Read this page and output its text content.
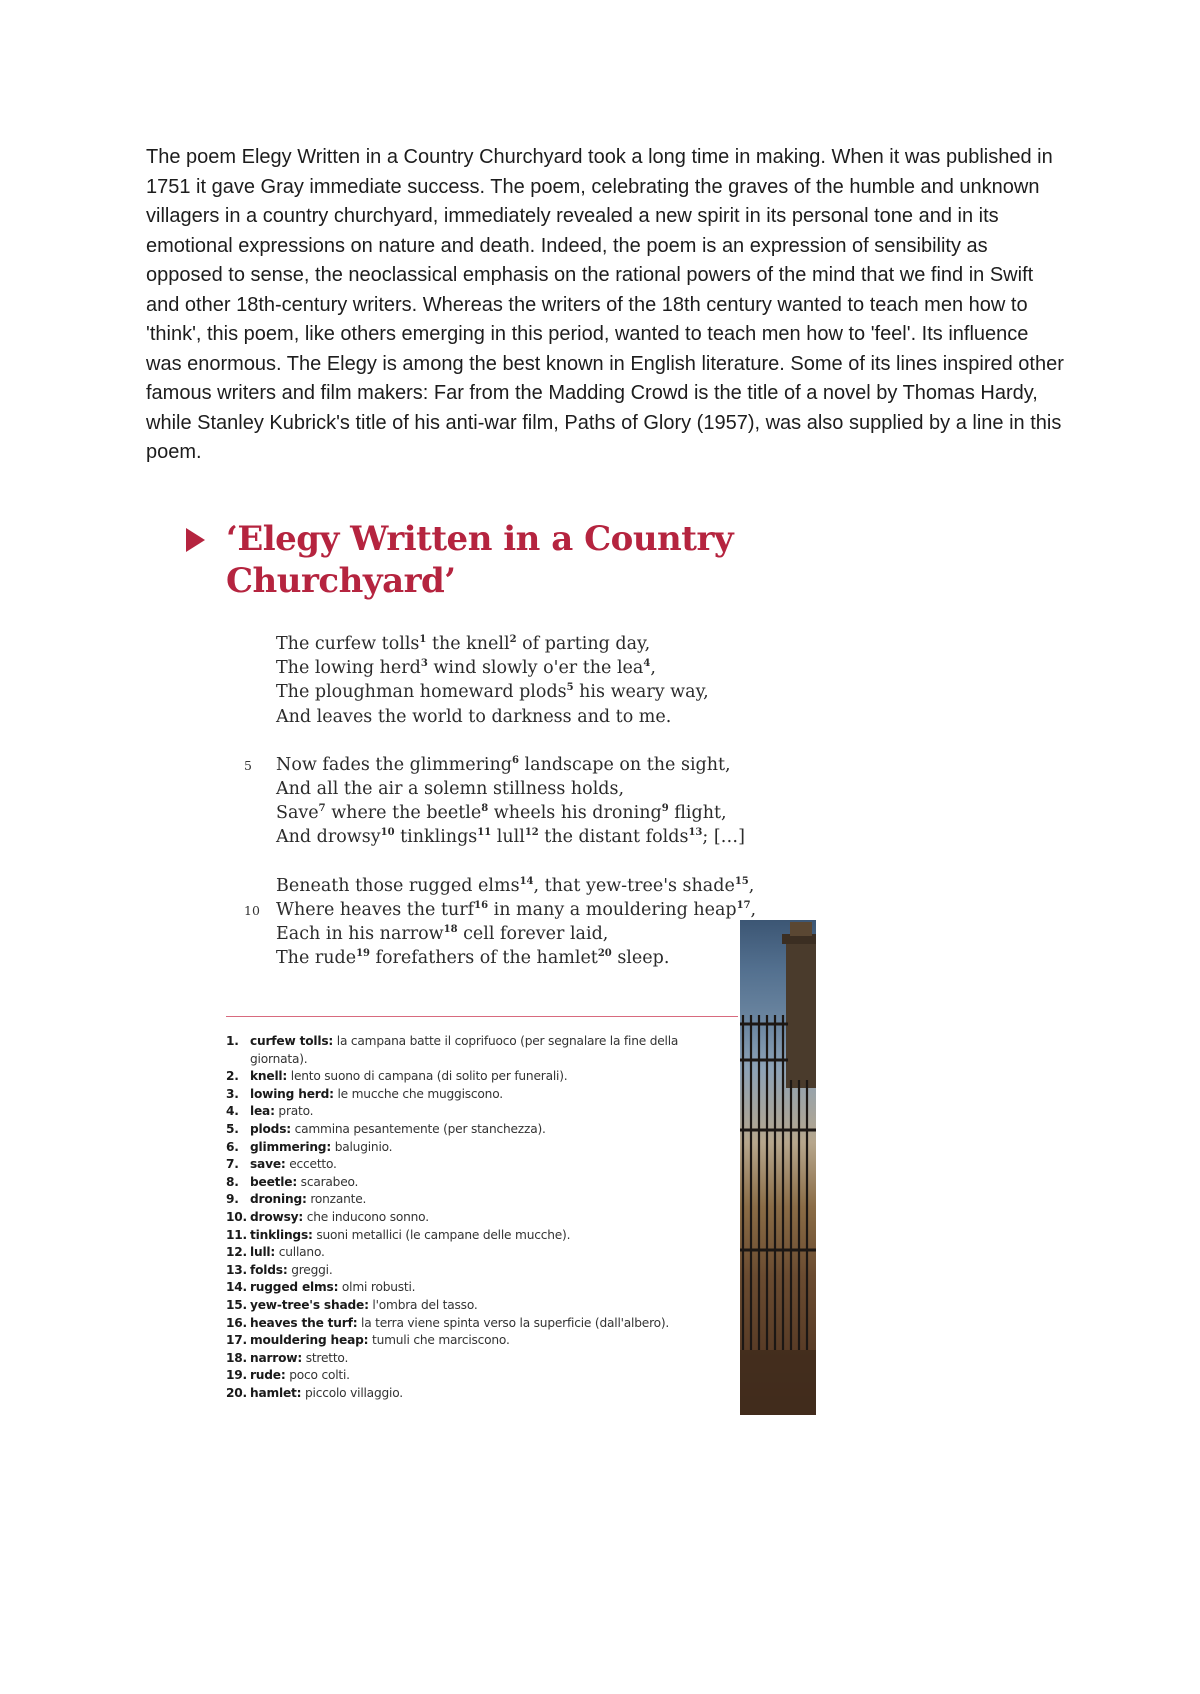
The poem Elegy Written in a Country Churchyard took a long time in making. When it was published in 1751 it gave Gray immediate success. The poem, celebrating the graves of the humble and unknown villagers in a country churchyard, immediately revealed a new spirit in its personal tone and in its emotional expressions on nature and death. Indeed, the poem is an expression of sensibility as opposed to sense, the neoclassical emphasis on the rational powers of the mind that we find in Swift and other 18th-century writers. Whereas the writers of the 18th century wanted to teach men how to 'think', this poem, like others emerging in this period, wanted to teach men how to 'feel'. Its influence was enormous. The Elegy is among the best known in English literature. Some of its lines inspired other famous writers and film makers: Far from the Madding Crowd is the title of a novel by Thomas Hardy, while Stanley Kubrick's title of his anti-war film, Paths of Glory (1957), was also supplied by a line in this poem.

‘Elegy Written in a Country Churchyard’
The curfew tolls$^1$ the knell$^2$ of parting day,
The lowing herd$^3$ wind slowly o'er the lea$^4$,
The ploughman homeward plods$^5$ his weary way,
And leaves the world to darkness and to me.
5 Now fades the glimmering$^6$ landscape on the sight,
And all the air a solemn stillness holds,
Save$^7$ where the beetle$^8$ wheels his droning$^9$ flight,
And drowsy$^{10}$ tinklings$^{11}$ lull$^{12}$ the distant folds$^{13}$; […]
Beneath those rugged elms$^{14}$, that yew-tree's shade$^{15}$,
10 Where heaves the turf$^{16}$ in many a mouldering heap$^{17}$,
Each in his narrow$^{18}$ cell forever laid,
The rude$^{19}$ forefathers of the hamlet$^{20}$ sleep.
1. curfew tolls: la campana batte il coprifuoco (per segnalare la fine della giornata).
2. knell: lento suono di campana (di solito per funerali).
3. lowing herd: le mucche che muggiscono.
4. lea: prato.
5. plods: cammina pesantemente (per stanchezza).
6. glimmering: baluginio.
7. save: eccetto.
8. beetle: scarabeo.
9. droning: ronzante.
10. drowsy: che inducono sonno.
11. tinklings: suoni metallici (le campane delle mucche).
12. lull: cullano.
13. folds: greggi.
14. rugged elms: olmi robusti.
15. yew-tree's shade: l'ombra del tasso.
16. heaves the turf: la terra viene spinta verso la superficie (dall'albero).
17. mouldering heap: tumuli che marciscono.
18. narrow: stretto.
19. rude: poco colti.
20. hamlet: piccolo villaggio.
